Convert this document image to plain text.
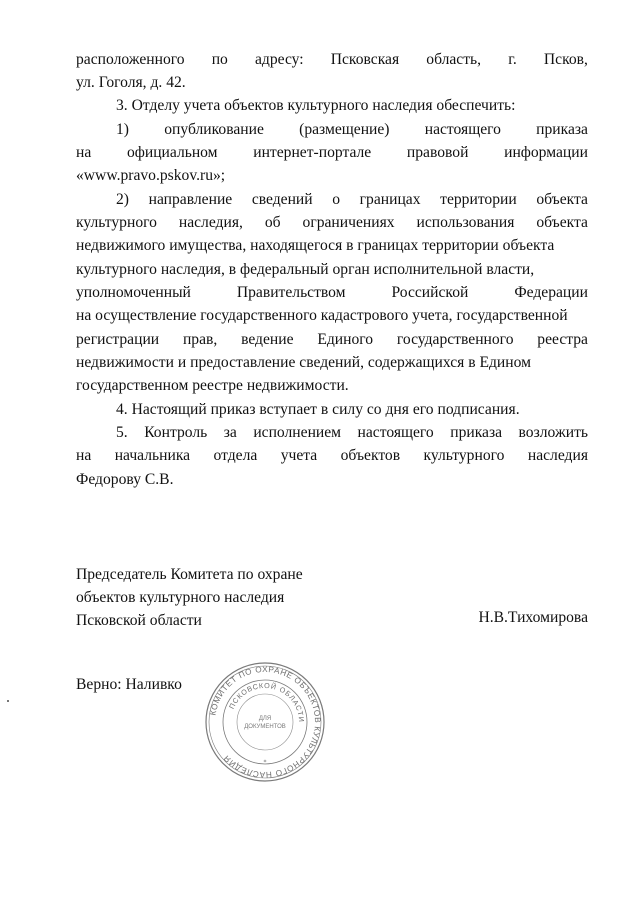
расположенного по адресу: Псковская область, г. Псков,
ул. Гоголя, д. 42.
3. Отделу учета объектов культурного наследия обеспечить:
1) опубликование (размещение) настоящего приказа
на официальном интернет-портале правовой информации
«www.pravo.pskov.ru»;
2) направление сведений о границах территории объекта
культурного наследия, об ограничениях использования объекта
недвижимого имущества, находящегося в границах территории объекта
культурного наследия, в федеральный орган исполнительной власти,
уполномоченный	Правительством	Российской	Федерации
на осуществление государственного кадастрового учета, государственной
регистрации прав, ведение Единого государственного реестра
недвижимости и предоставление сведений, содержащихся в Едином
государственном реестре недвижимости.
4. Настоящий приказ вступает в силу со дня его подписания.
5. Контроль за исполнением настоящего приказа возложить
на начальника отдела учета объектов культурного наследия
Федорову С.В.
Председатель Комитета по охране
объектов культурного наследия
Псковской области	Н.В.Тихомирова
Верно: Наливко
КОМИТЕТ ПО ОХРАНЕ ОБЪЕКТОВ КУЛЬТУРНОГО НАСЛЕДИЯ
ПСКОВСКОЙ ОБЛАСТИ
ДЛЯ
ДОКУМЕНТОВ
*
